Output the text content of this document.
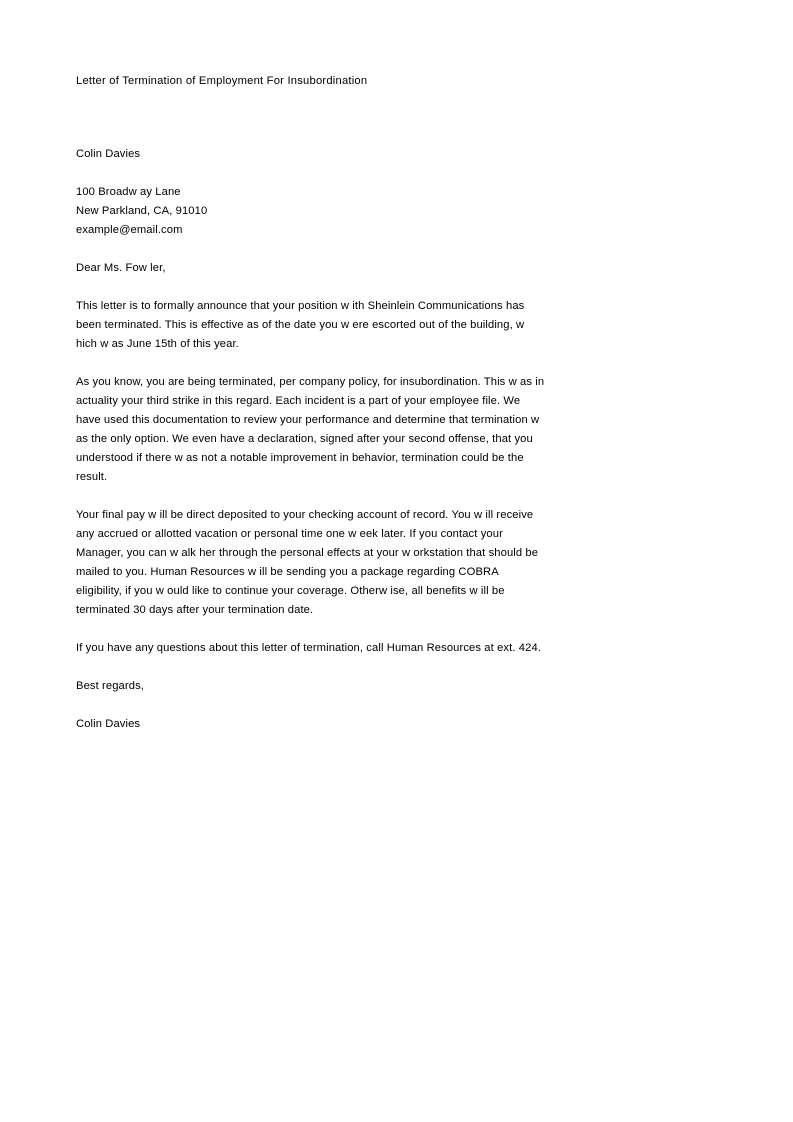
Letter of Termination of Employment For Insubordination
Colin Davies
100 Broadw ay Lane
New Parkland, CA, 91010
example@email.com
Dear Ms. Fow ler,

This letter is to formally announce that your position w ith Sheinlein Communications has been terminated. This is effective as of the date you w ere escorted out of the building, w hich w as June 15th of this year.

As you know, you are being terminated, per company policy, for insubordination. This w as in actuality your third strike in this regard. Each incident is a part of your employee file. We have used this documentation to review your performance and determine that termination w as the only option. We even have a declaration, signed after your second offense, that you understood if there w as not a notable improvement in behavior, termination could be the result.

Your final pay w ill be direct deposited to your checking account of record. You w ill receive any accrued or allotted vacation or personal time one w eek later. If you contact your Manager, you can w alk her through the personal effects at your w orkstation that should be mailed to you. Human Resources w ill be sending you a package regarding COBRA eligibility, if you w ould like to continue your coverage. Otherw ise, all benefits w ill be terminated 30 days after your termination date.

If you have any questions about this letter of termination, call Human Resources at ext. 424.

Best regards,
Colin Davies
